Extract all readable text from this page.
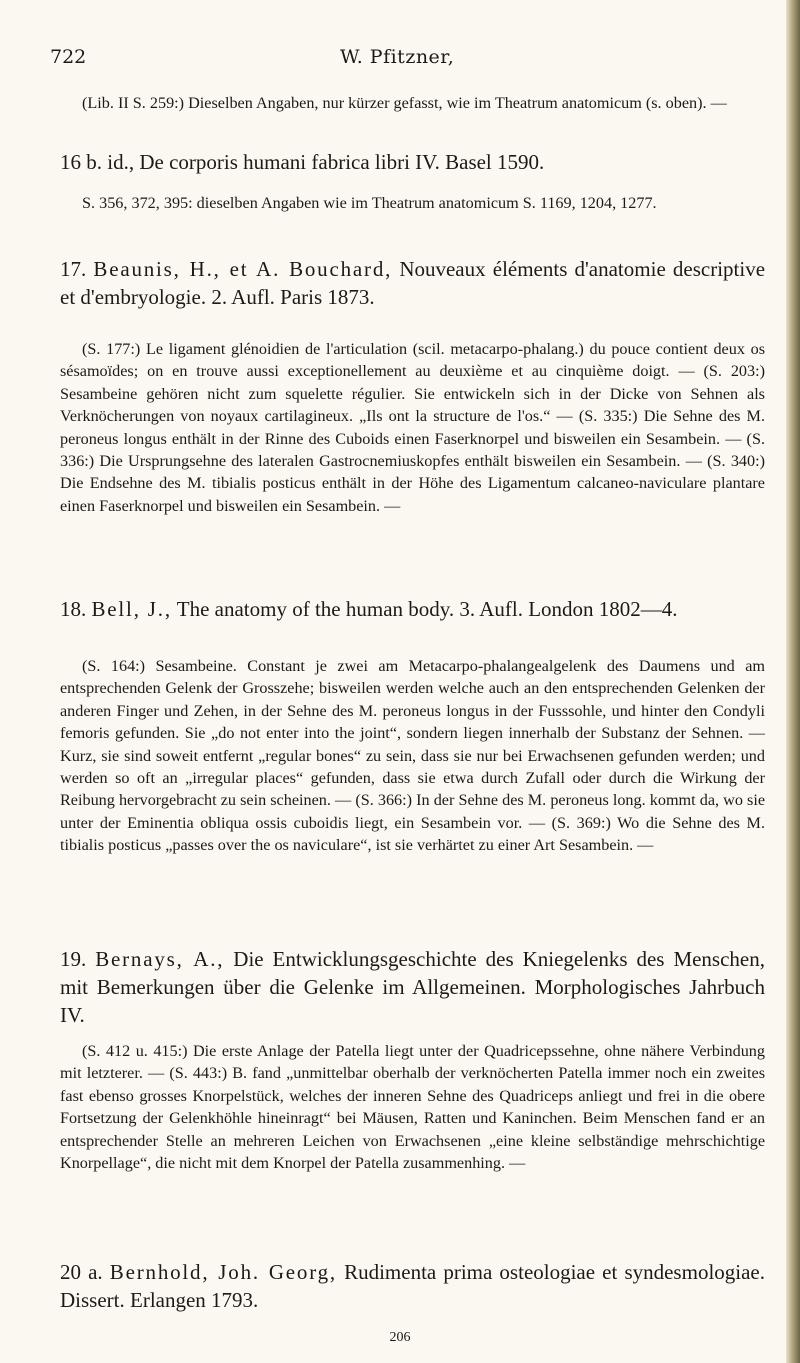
722	W. Pfitzner,

(Lib. II S. 259:) Dieselben Angaben, nur kürzer gefasst, wie im Theatrum anatomicum (s. oben). —

16 b. id., De corporis humani fabrica libri IV. Basel 1590.

S. 356, 372, 395: dieselben Angaben wie im Theatrum anatomicum S. 1169, 1204, 1277.

17. Beaunis, H., et A. Bouchard, Nouveaux éléments d'anatomie descriptive et d'embryologie. 2. Aufl. Paris 1873.

(S. 177:) Le ligament glénoidien de l'articulation (scil. metacarpo-phalang.) du pouce contient deux os sésamoïdes; on en trouve aussi exceptionellement au deuxième et au cinquième doigt. — (S. 203:) Sesambeine gehören nicht zum squelette régulier. Sie entwickeln sich in der Dicke von Sehnen als Verknöcherungen von noyaux cartilagineux. „Ils ont la structure de l'os.“ — (S. 335:) Die Sehne des M. peroneus longus enthält in der Rinne des Cuboids einen Faserknorpel und bisweilen ein Sesambein. — (S. 336:) Die Ursprungsehne des lateralen Gastrocnemiuskopfes enthält bisweilen ein Sesambein. — (S. 340:) Die Endsehne des M. tibialis posticus enthält in der Höhe des Ligamentum calcaneo-naviculare plantare einen Faserknorpel und bisweilen ein Sesambein. —

18. Bell, J., The anatomy of the human body. 3. Aufl. London 1802—4.

(S. 164:) Sesambeine. Constant je zwei am Metacarpo-phalangealgelenk des Daumens und am entsprechenden Gelenk der Grosszehe; bisweilen werden welche auch an den entsprechenden Gelenken der anderen Finger und Zehen, in der Sehne des M. peroneus longus in der Fusssohle, und hinter den Condyli femoris gefunden. Sie „do not enter into the joint“, sondern liegen innerhalb der Substanz der Sehnen. — Kurz, sie sind soweit entfernt „regular bones“ zu sein, dass sie nur bei Erwachsenen gefunden werden; und werden so oft an „irregular places“ gefunden, dass sie etwa durch Zufall oder durch die Wirkung der Reibung hervorgebracht zu sein scheinen. — (S. 366:) In der Sehne des M. peroneus long. kommt da, wo sie unter der Eminentia obliqua ossis cuboidis liegt, ein Sesambein vor. — (S. 369:) Wo die Sehne des M. tibialis posticus „passes over the os naviculare“, ist sie verhärtet zu einer Art Sesambein. —

19. Bernays, A., Die Entwicklungsgeschichte des Kniegelenks des Menschen, mit Bemerkungen über die Gelenke im Allgemeinen. Morphologisches Jahrbuch IV.

(S. 412 u. 415:) Die erste Anlage der Patella liegt unter der Quadricepssehne, ohne nähere Verbindung mit letzterer. — (S. 443:) B. fand „unmittelbar oberhalb der verknöcherten Patella immer noch ein zweites fast ebenso grosses Knorpelstück, welches der inneren Sehne des Quadriceps anliegt und frei in die obere Fortsetzung der Gelenkhöhle hineinragt“ bei Mäusen, Ratten und Kaninchen. Beim Menschen fand er an entsprechender Stelle an mehreren Leichen von Erwachsenen „eine kleine selbständige mehrschichtige Knorpellage“, die nicht mit dem Knorpel der Patella zusammenhing. —

20 a. Bernhold, Joh. Georg, Rudimenta prima osteologiae et syndesmologiae. Dissert. Erlangen 1793.

206
